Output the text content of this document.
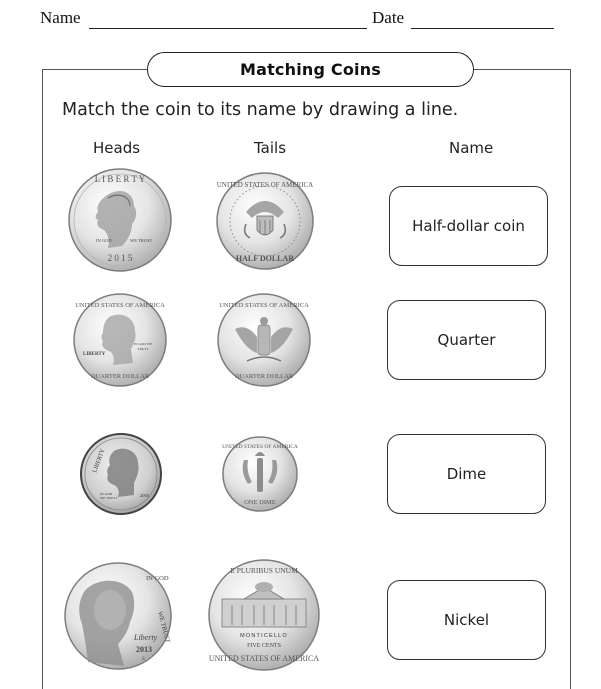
Name	Date
Matching Coins
Match the coin to its name by drawing a line.
Heads	Tails	Name
L I B E R T Y
IN GOD	WE TRUST
2 0 1 5
UNITED STATES OF AMERICA
HALF DOLLAR
Half-dollar coin
UNITED STATES OF AMERICA
LIBERTY
IN GOD WE
TRUST
QUARTER DOLLAR
UNITED STATES OF AMERICA
QUARTER DOLLAR
Quarter
LIBERTY
IN GOD
WE TRUST	2005
UNITED STATES OF AMERICA
ONE DIME
Dime
IN GOD
WE TRUST
Liberty
2013
S
E PLURIBUS UNUM
MONTICELLO
FIVE CENTS
UNITED STATES OF AMERICA
Nickel
